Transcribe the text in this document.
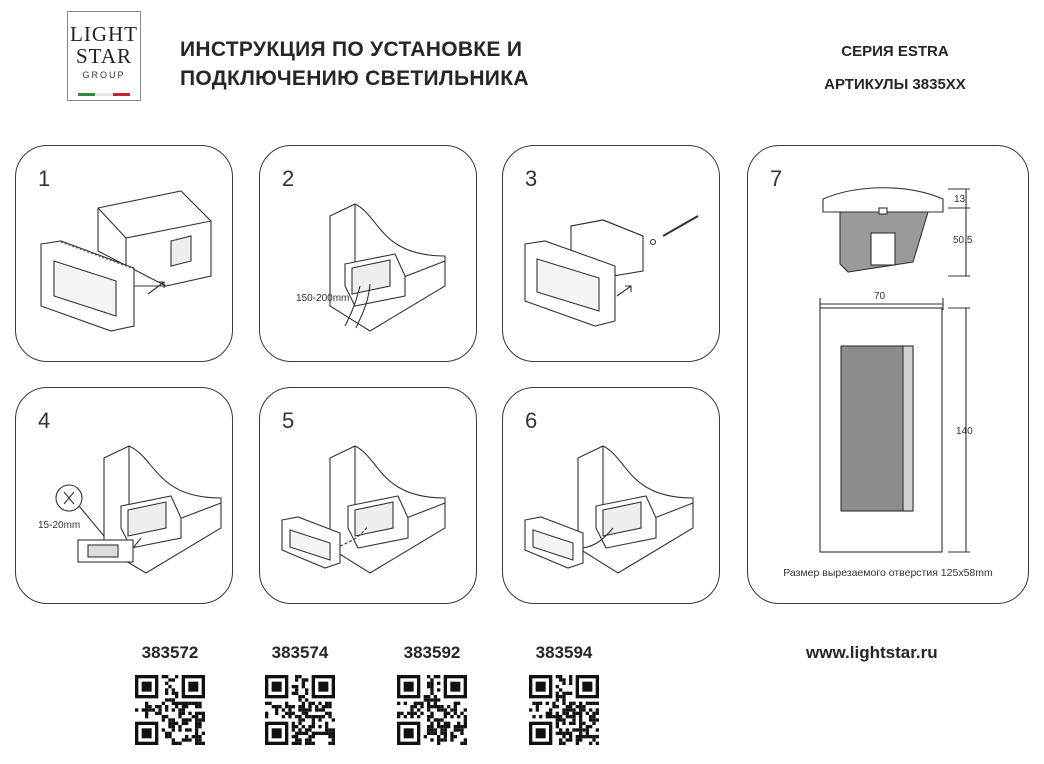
LIGHT
STAR
GROUP
ИНСТРУКЦИЯ ПО УСТАНОВКЕ И
ПОДКЛЮЧЕНИЮ СВЕТИЛЬНИКА
СЕРИЯ ESTRA
АРТИКУЛЫ 3835XX
1	2
150-200mm
3
4
15-20mm
5	6
7
13
50,5
70
140
Размер вырезаемого отверстия 125x58mm
383572	383574	383592	383594	www.lightstar.ru
